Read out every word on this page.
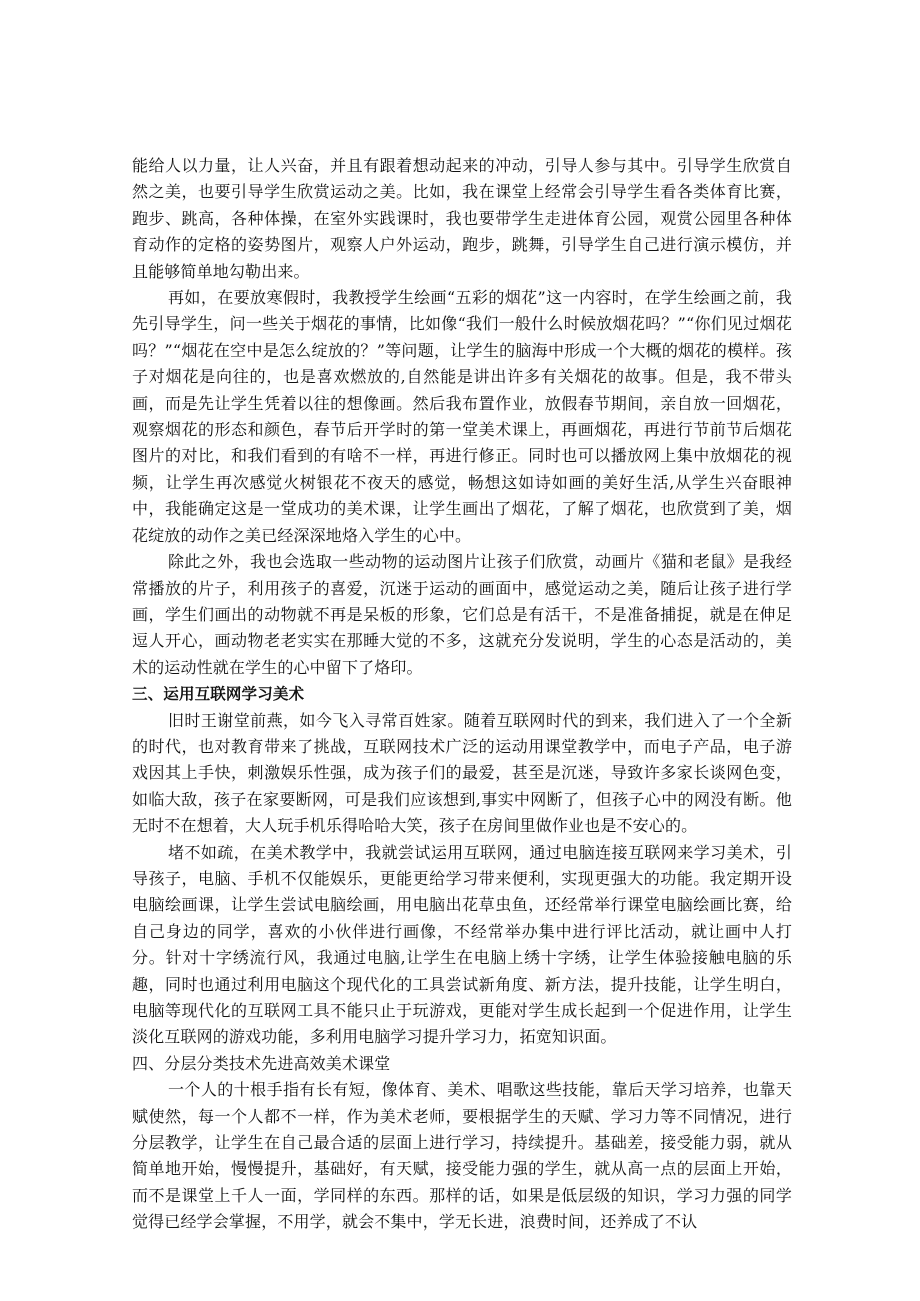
能给人以力量，让人兴奋，并且有跟着想动起来的冲动，引导人参与其中。引导学生欣赏自然之美，也要引导学生欣赏运动之美。比如，我在课堂上经常会引导学生看各类体育比赛，跑步、跳高，各种体操，在室外实践课时，我也要带学生走进体育公园，观赏公园里各种体育动作的定格的姿势图片，观察人户外运动，跑步，跳舞，引导学生自己进行演示模仿，并且能够简单地勾勒出来。

再如，在要放寒假时，我教授学生绘画“五彩的烟花”这一内容时，在学生绘画之前，我先引导学生，问一些关于烟花的事情，比如像“我们一般什么时候放烟花吗？”“你们见过烟花吗？”“烟花在空中是怎么绽放的？”等问题，让学生的脑海中形成一个大概的烟花的模样。孩子对烟花是向往的，也是喜欢燃放的,自然能是讲出许多有关烟花的故事。但是，我不带头画，而是先让学生凭着以往的想像画。然后我布置作业，放假春节期间，亲自放一回烟花，观察烟花的形态和颜色，春节后开学时的第一堂美术课上，再画烟花，再进行节前节后烟花图片的对比，和我们看到的有啥不一样，再进行修正。同时也可以播放网上集中放烟花的视频，让学生再次感觉火树银花不夜天的感觉，畅想这如诗如画的美好生活,从学生兴奋眼神中，我能确定这是一堂成功的美术课，让学生画出了烟花，了解了烟花，也欣赏到了美，烟花绽放的动作之美已经深深地烙入学生的心中。

除此之外，我也会选取一些动物的运动图片让孩子们欣赏，动画片《猫和老鼠》是我经常播放的片子，利用孩子的喜爱，沉迷于运动的画面中，感觉运动之美，随后让孩子进行学画，学生们画出的动物就不再是呆板的形象，它们总是有活干，不是准备捕捉，就是在伸足逗人开心，画动物老老实实在那睡大觉的不多，这就充分发说明，学生的心态是活动的，美术的运动性就在学生的心中留下了烙印。

三、运用互联网学习美术

旧时王谢堂前燕，如今飞入寻常百姓家。随着互联网时代的到来，我们进入了一个全新的时代，也对教育带来了挑战，互联网技术广泛的运动用课堂教学中，而电子产品，电子游戏因其上手快，刺激娱乐性强，成为孩子们的最爱，甚至是沉迷，导致许多家长谈网色变，如临大敌，孩子在家要断网，可是我们应该想到,事实中网断了，但孩子心中的网没有断。他无时不在想着，大人玩手机乐得哈哈大笑，孩子在房间里做作业也是不安心的。

堵不如疏，在美术教学中，我就尝试运用互联网，通过电脑连接互联网来学习美术，引导孩子，电脑、手机不仅能娱乐，更能更给学习带来便利，实现更强大的功能。我定期开设电脑绘画课，让学生尝试电脑绘画，用电脑出花草虫鱼，还经常举行课堂电脑绘画比赛，给自己身边的同学，喜欢的小伙伴进行画像，不经常举办集中进行评比活动，就让画中人打分。针对十字绣流行风，我通过电脑,让学生在电脑上绣十字绣，让学生体验接触电脑的乐趣，同时也通过利用电脑这个现代化的工具尝试新角度、新方法，提升技能，让学生明白，电脑等现代化的互联网工具不能只止于玩游戏，更能对学生成长起到一个促进作用，让学生淡化互联网的游戏功能，多利用电脑学习提升学习力，拓宽知识面。

四、分层分类技术先进高效美术课堂

一个人的十根手指有长有短，像体育、美术、唱歌这些技能，靠后天学习培养，也靠天赋使然，每一个人都不一样，作为美术老师，要根据学生的天赋、学习力等不同情况，进行分层教学，让学生在自己最合适的层面上进行学习，持续提升。基础差，接受能力弱，就从简单地开始，慢慢提升，基础好，有天赋，接受能力强的学生，就从高一点的层面上开始，而不是课堂上千人一面，学同样的东西。那样的话，如果是低层级的知识，学习力强的同学觉得已经学会掌握，不用学，就会不集中，学无长进，浪费时间，还养成了不认
